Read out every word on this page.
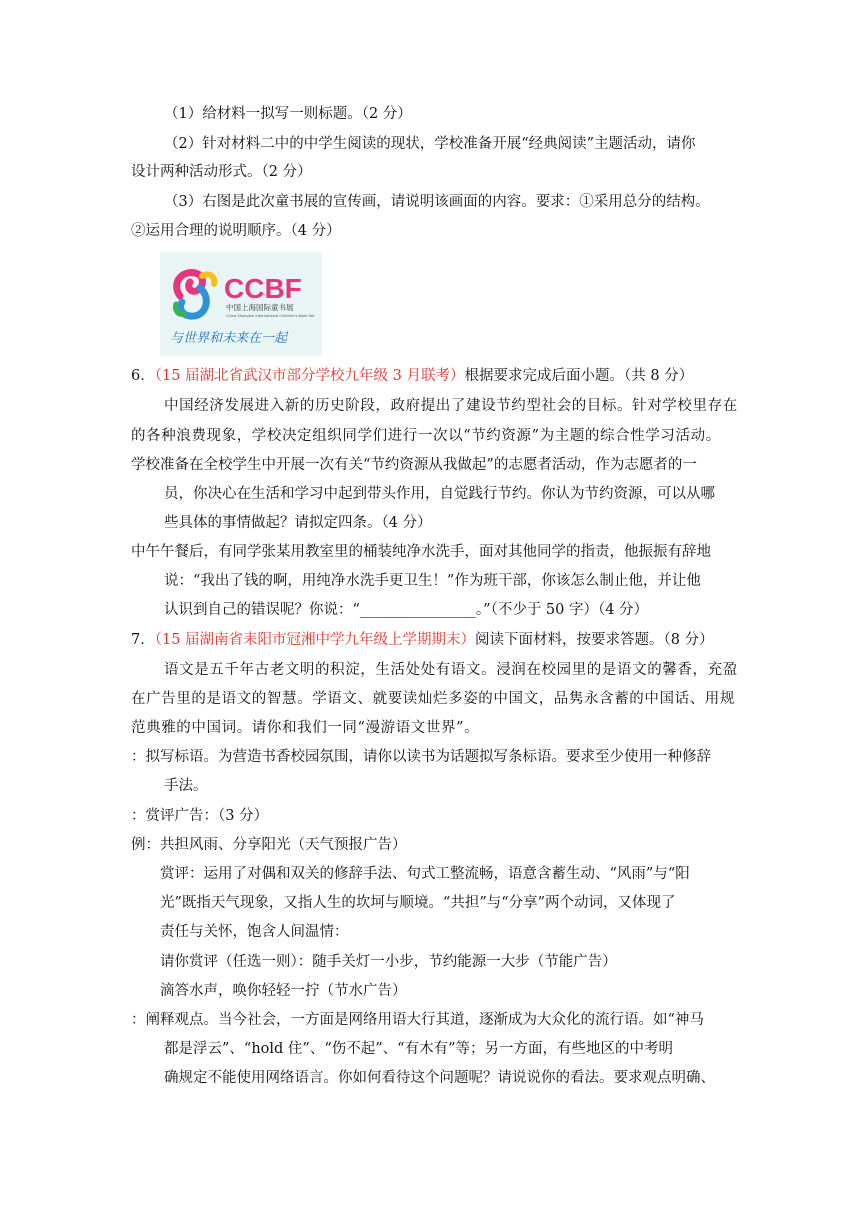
（1）给材料一拟写一则标题。（2 分）
（2）针对材料二中的中学生阅读的现状，学校准备开展“经典阅读”主题活动，请你
设计两种活动形式。（2 分）
（3）右图是此次童书展的宣传画，请说明该画面的内容。要求：①采用总分的结构。
②运用合理的说明顺序。（4 分）
CCBF
中国上海国际童书展
China Shanghai International Children's Book Fair
与世界和未来在一起
6．（15 届湖北省武汉市部分学校九年级 3 月联考）根据要求完成后面小题。（共 8 分）
中国经济发展进入新的历史阶段，政府提出了建设节约型社会的目标。针对学校里存在
的各种浪费现象，学校决定组织同学们进行一次以“节约资源”为主题的综合性学习活动。
学校准备在全校学生中开展一次有关“节约资源从我做起”的志愿者活动，作为志愿者的一
员，你决心在生活和学习中起到带头作用，自觉践行节约。你认为节约资源，可以从哪
些具体的事情做起？请拟定四条。（4 分）
中午午餐后，有同学张某用教室里的桶装纯净水洗手，面对其他同学的指责，他振振有辞地
说：“我出了钱的啊，用纯净水洗手更卫生！”作为班干部，你该怎么制止他，并让他
认识到自己的错误呢？你说：“________________。”（不少于 50 字）（4 分）
7．（15 届湖南省耒阳市冠湘中学九年级上学期期末）阅读下面材料，按要求答题。（8 分）
语文是五千年古老文明的积淀，生活处处有语文。浸润在校园里的是语文的馨香，充盈
在广告里的是语文的智慧。学语文、就要读灿烂多姿的中国文，品隽永含蓄的中国话、用规
范典雅的中国词。请你和我们一同“漫游语文世界”。
：拟写标语。为营造书香校园氛围，请你以读书为话题拟写条标语。要求至少使用一种修辞
手法。
：赏评广告：（3 分）
例：共担风雨、分享阳光（天气预报广告）
赏评：运用了对偶和双关的修辞手法、句式工整流畅，语意含蓄生动、“风雨”与“阳
光”既指天气现象，又指人生的坎坷与顺境。“共担”与“分享”两个动词，又体现了
责任与关怀，饱含人间温情：
请你赏评（任选一则）：随手关灯一小步，节约能源一大步（节能广告）
滴答水声，唤你轻轻一拧（节水广告）
：阐释观点。当今社会，一方面是网络用语大行其道，逐渐成为大众化的流行语。如“神马
都是浮云”、“hold 住”、“伤不起”、“有木有”等；另一方面，有些地区的中考明
确规定不能使用网络语言。你如何看待这个问题呢？请说说你的看法。要求观点明确、
